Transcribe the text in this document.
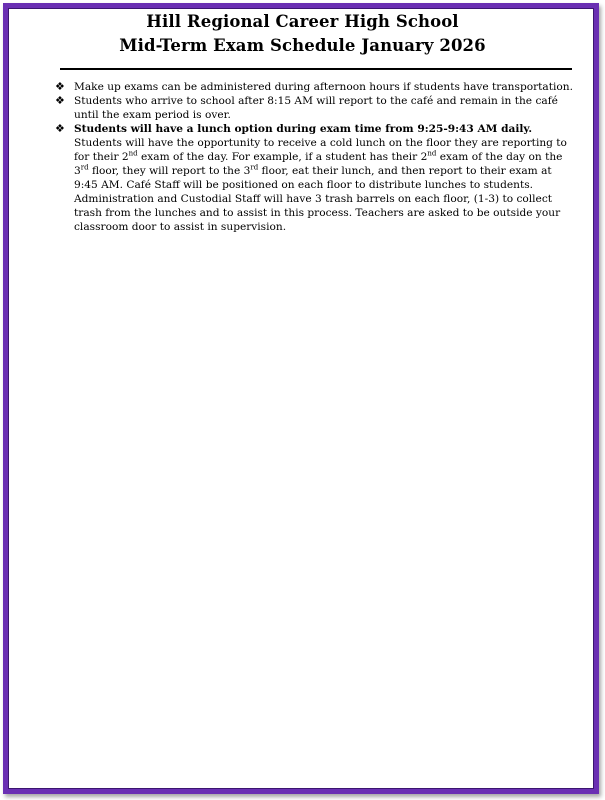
Hill Regional Career High School
Mid-Term Exam Schedule January 2026
❖ Make up exams can be administered during afternoon hours if students have transportation.
❖ Students who arrive to school after 8:15 AM will report to the café and remain in the café until the exam period is over.
❖ Students will have a lunch option during exam time from 9:25-9:43 AM daily. Students will have the opportunity to receive a cold lunch on the floor they are reporting to for their 2nd exam of the day. For example, if a student has their 2nd exam of the day on the 3rd floor, they will report to the 3rd floor, eat their lunch, and then report to their exam at 9:45 AM. Café Staff will be positioned on each floor to distribute lunches to students. Administration and Custodial Staff will have 3 trash barrels on each floor, (1-3) to collect trash from the lunches and to assist in this process. Teachers are asked to be outside your classroom door to assist in supervision.
